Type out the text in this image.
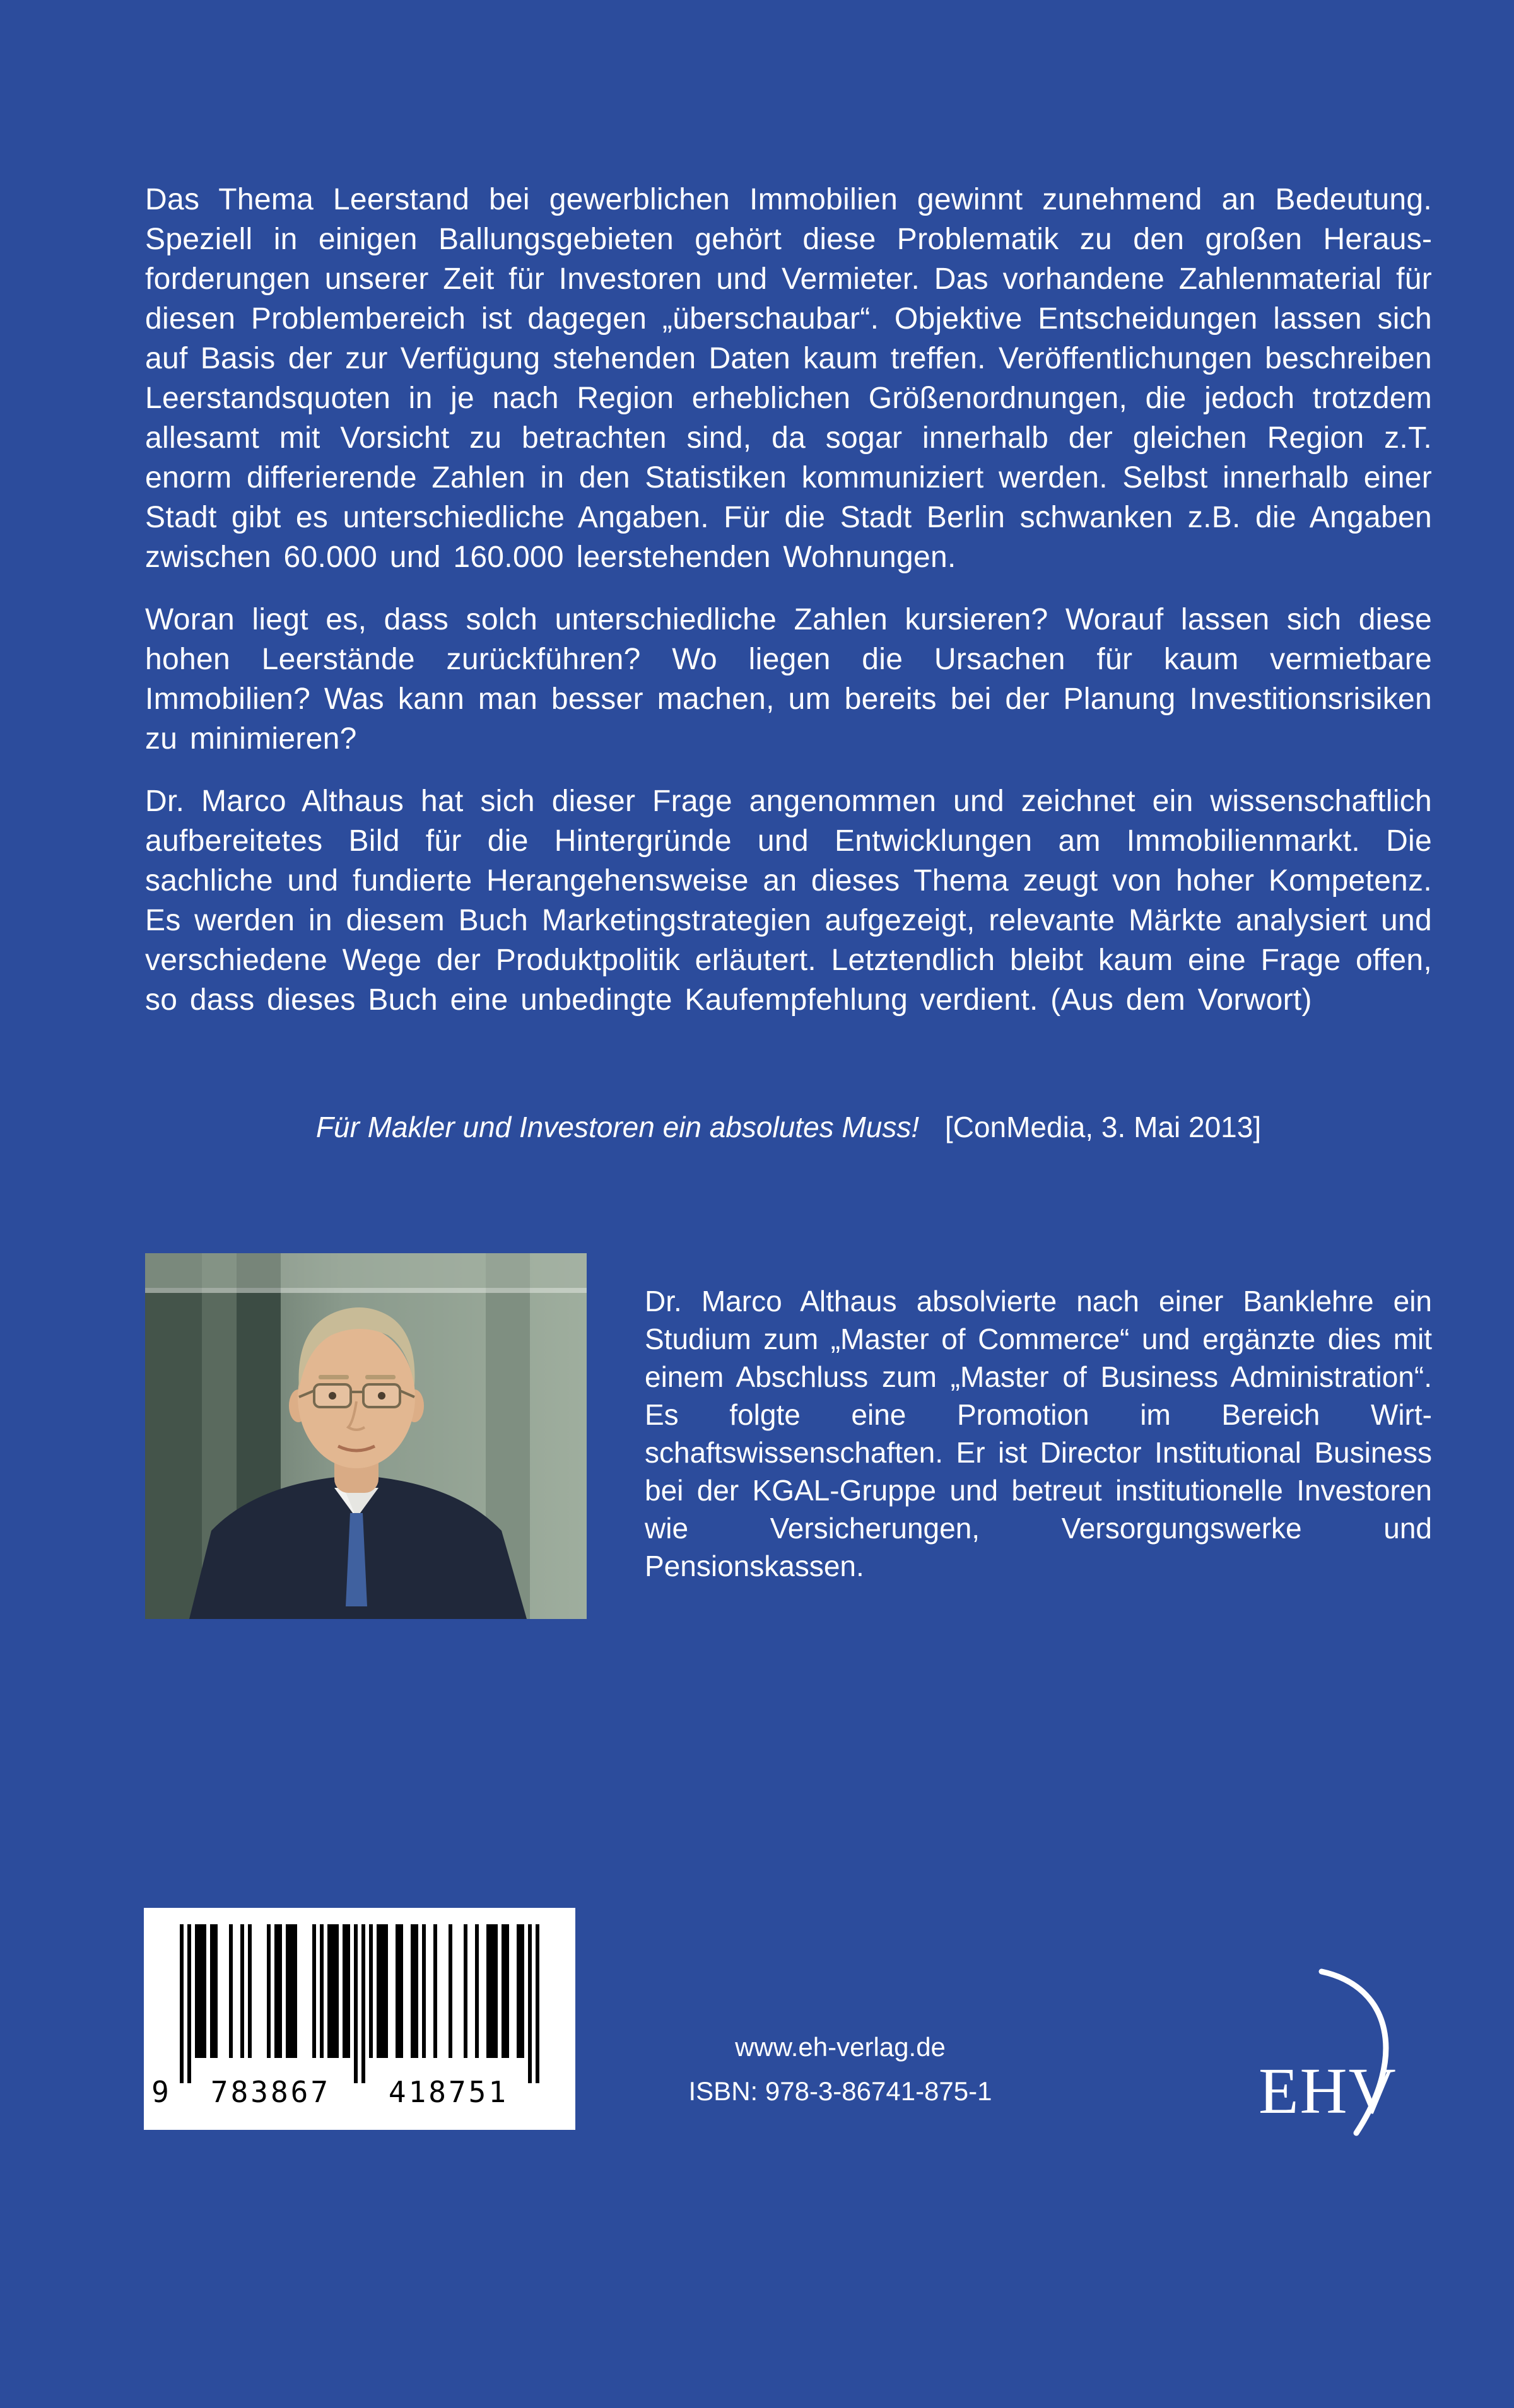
Das Thema Leerstand bei gewerblichen Immobilien gewinnt zunehmend an Bedeutung. Speziell in einigen Ballungsgebieten gehört diese Problematik zu den großen Herausforderungen unserer Zeit für Investoren und Vermieter. Das vorhandene Zahlenmaterial für diesen Problembereich ist dagegen „überschaubar“. Objektive Entscheidungen lassen sich auf Basis der zur Verfügung stehenden Daten kaum treffen. Veröffentlichungen beschreiben Leerstandsquoten in je nach Region erheblichen Größenordnungen, die jedoch trotzdem allesamt mit Vorsicht zu betrachten sind, da sogar innerhalb der gleichen Region z.T. enorm differierende Zahlen in den Statistiken kommuniziert werden. Selbst innerhalb einer Stadt gibt es unterschiedliche Angaben. Für die Stadt Berlin schwanken z.B. die Angaben zwischen 60.000 und 160.000 leerstehenden Wohnungen.

Woran liegt es, dass solch unterschiedliche Zahlen kursieren? Worauf lassen sich diese hohen Leerstände zurückführen? Wo liegen die Ursachen für kaum vermietbare Immobilien? Was kann man besser machen, um bereits bei der Planung Investitionsrisiken zu minimieren?

Dr. Marco Althaus hat sich dieser Frage angenommen und zeichnet ein wissenschaftlich aufbereitetes Bild für die Hintergründe und Entwicklungen am Immobilienmarkt. Die sachliche und fundierte Herangehensweise an dieses Thema zeugt von hoher Kompetenz. Es werden in diesem Buch Marketingstrategien aufgezeigt, relevante Märkte analysiert und verschiedene Wege der Produktpolitik erläutert. Letztendlich bleibt kaum eine Frage offen, so dass dieses Buch eine unbedingte Kaufempfehlung verdient. (Aus dem Vorwort)

Für Makler und Investoren ein absolutes Muss! [ConMedia, 3. Mai 2013]

Dr. Marco Althaus absolvierte nach einer Banklehre ein Studium zum „Master of Commerce“ und ergänzte dies mit einem Abschluss zum „Master of Business Administration“. Es folgte eine Promotion im Bereich Wirtschaftswissenschaften. Er ist Director Institutional Business bei der KGAL-Gruppe und betreut institutionelle Investoren wie Versicherungen, Versorgungswerke und Pensionskassen.

9	783867	418751
www.eh-verlag.de
ISBN: 978-3-86741-875-1	EHV
